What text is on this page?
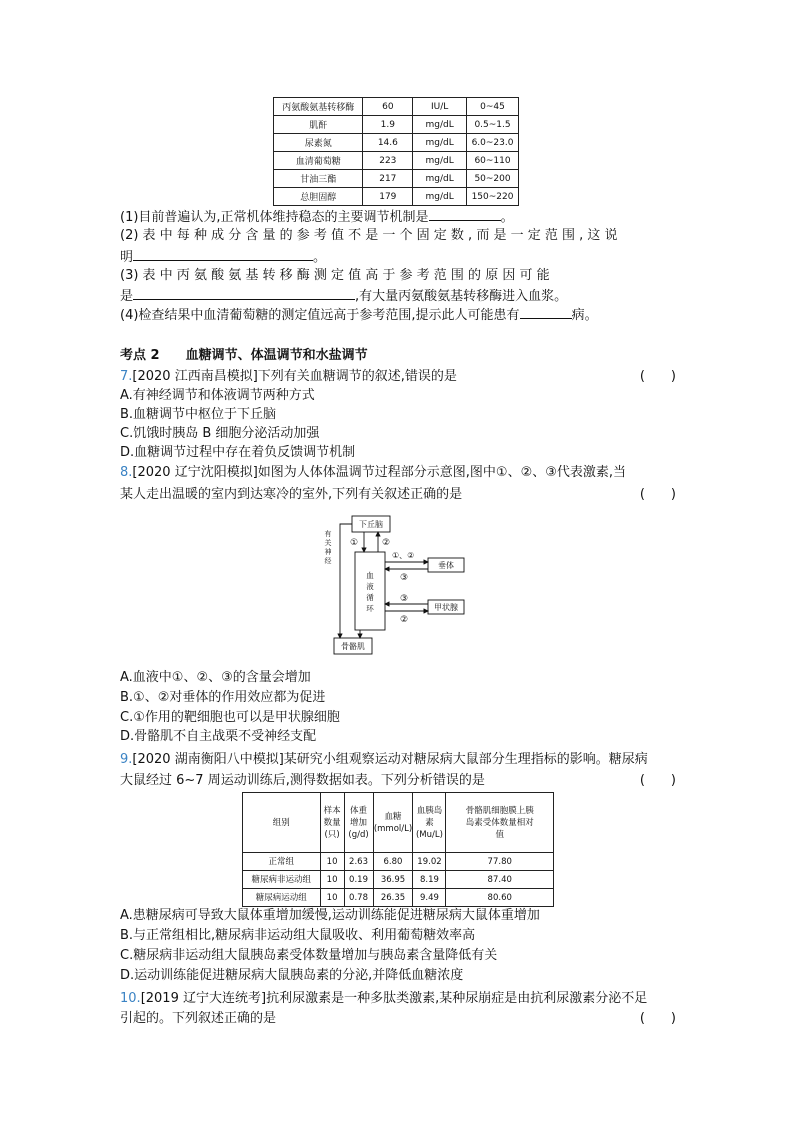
丙氨酸氨基转移酶	60	IU/L	0~45
肌酐	1.9	mg/dL	0.5~1.5
尿素氮	14.6	mg/dL	6.0~23.0
血清葡萄糖	223	mg/dL	60~110
甘油三酯	217	mg/dL	50~200
总胆固醇	179	mg/dL	150~220
(1)目前普遍认为,正常机体维持稳态的主要调节机制是	。
(2) 表 中 每 种 成 分 含 量 的 参 考 值 不 是 一 个 固 定 数 , 而 是 一 定 范 围 , 这 说
明	。
(3) 表 中 丙 氨 酸 氨 基 转 移 酶 测 定 值 高 于 参 考 范 围 的 原 因 可 能
是	,有大量丙氨酸氨基转移酶进入血浆。
(4)检查结果中血清葡萄糖的测定值远高于参考范围,提示此人可能患有	病。
考点 2　　血糖调节、体温调节和水盐调节
7.[2020 江西南昌模拟]下列有关血糖调节的叙述,错误的是	(　　)
A.有神经调节和体液调节两种方式
B.血糖调节中枢位于下丘脑
C.饥饿时胰岛 B 细胞分泌活动加强
D.血糖调节过程中存在着负反馈调节机制
8.[2020 辽宁沈阳模拟]如图为人体体温调节过程部分示意图,图中①、②、③代表激素,当
某人走出温暖的室内到达寒冷的室外,下列有关叙述正确的是	(　　)
下丘脑
垂体
甲状腺
骨骼肌
①	②
①、②
③
③
②
血
液
循
环
有
关
神
经
A.血液中①、②、③的含量会增加
B.①、②对垂体的作用效应都为促进
C.①作用的靶细胞也可以是甲状腺细胞
D.骨骼肌不自主战栗不受神经支配
9.[2020 湖南衡阳八中模拟]某研究小组观察运动对糖尿病大鼠部分生理指标的影响。糖尿病
大鼠经过 6~7 周运动训练后,测得数据如表。下列分析错误的是	(　　)
组别	样本
数量
(只)	体重
增加
(g/d)	血糖
(mmol/L)	血胰岛
素
(Mu/L)	骨骼肌细胞膜上胰
岛素受体数量相对
值
正常组	10	2.63	6.80	19.02	77.80
糖尿病非运动组	10	0.19	36.95	8.19	87.40
糖尿病运动组	10	0.78	26.35	9.49	80.60
A.患糖尿病可导致大鼠体重增加缓慢,运动训练能促进糖尿病大鼠体重增加
B.与正常组相比,糖尿病非运动组大鼠吸收、利用葡萄糖效率高
C.糖尿病非运动组大鼠胰岛素受体数量增加与胰岛素含量降低有关
D.运动训练能促进糖尿病大鼠胰岛素的分泌,并降低血糖浓度
10.[2019 辽宁大连统考]抗利尿激素是一种多肽类激素,某种尿崩症是由抗利尿激素分泌不足
引起的。下列叙述正确的是	(　　)
